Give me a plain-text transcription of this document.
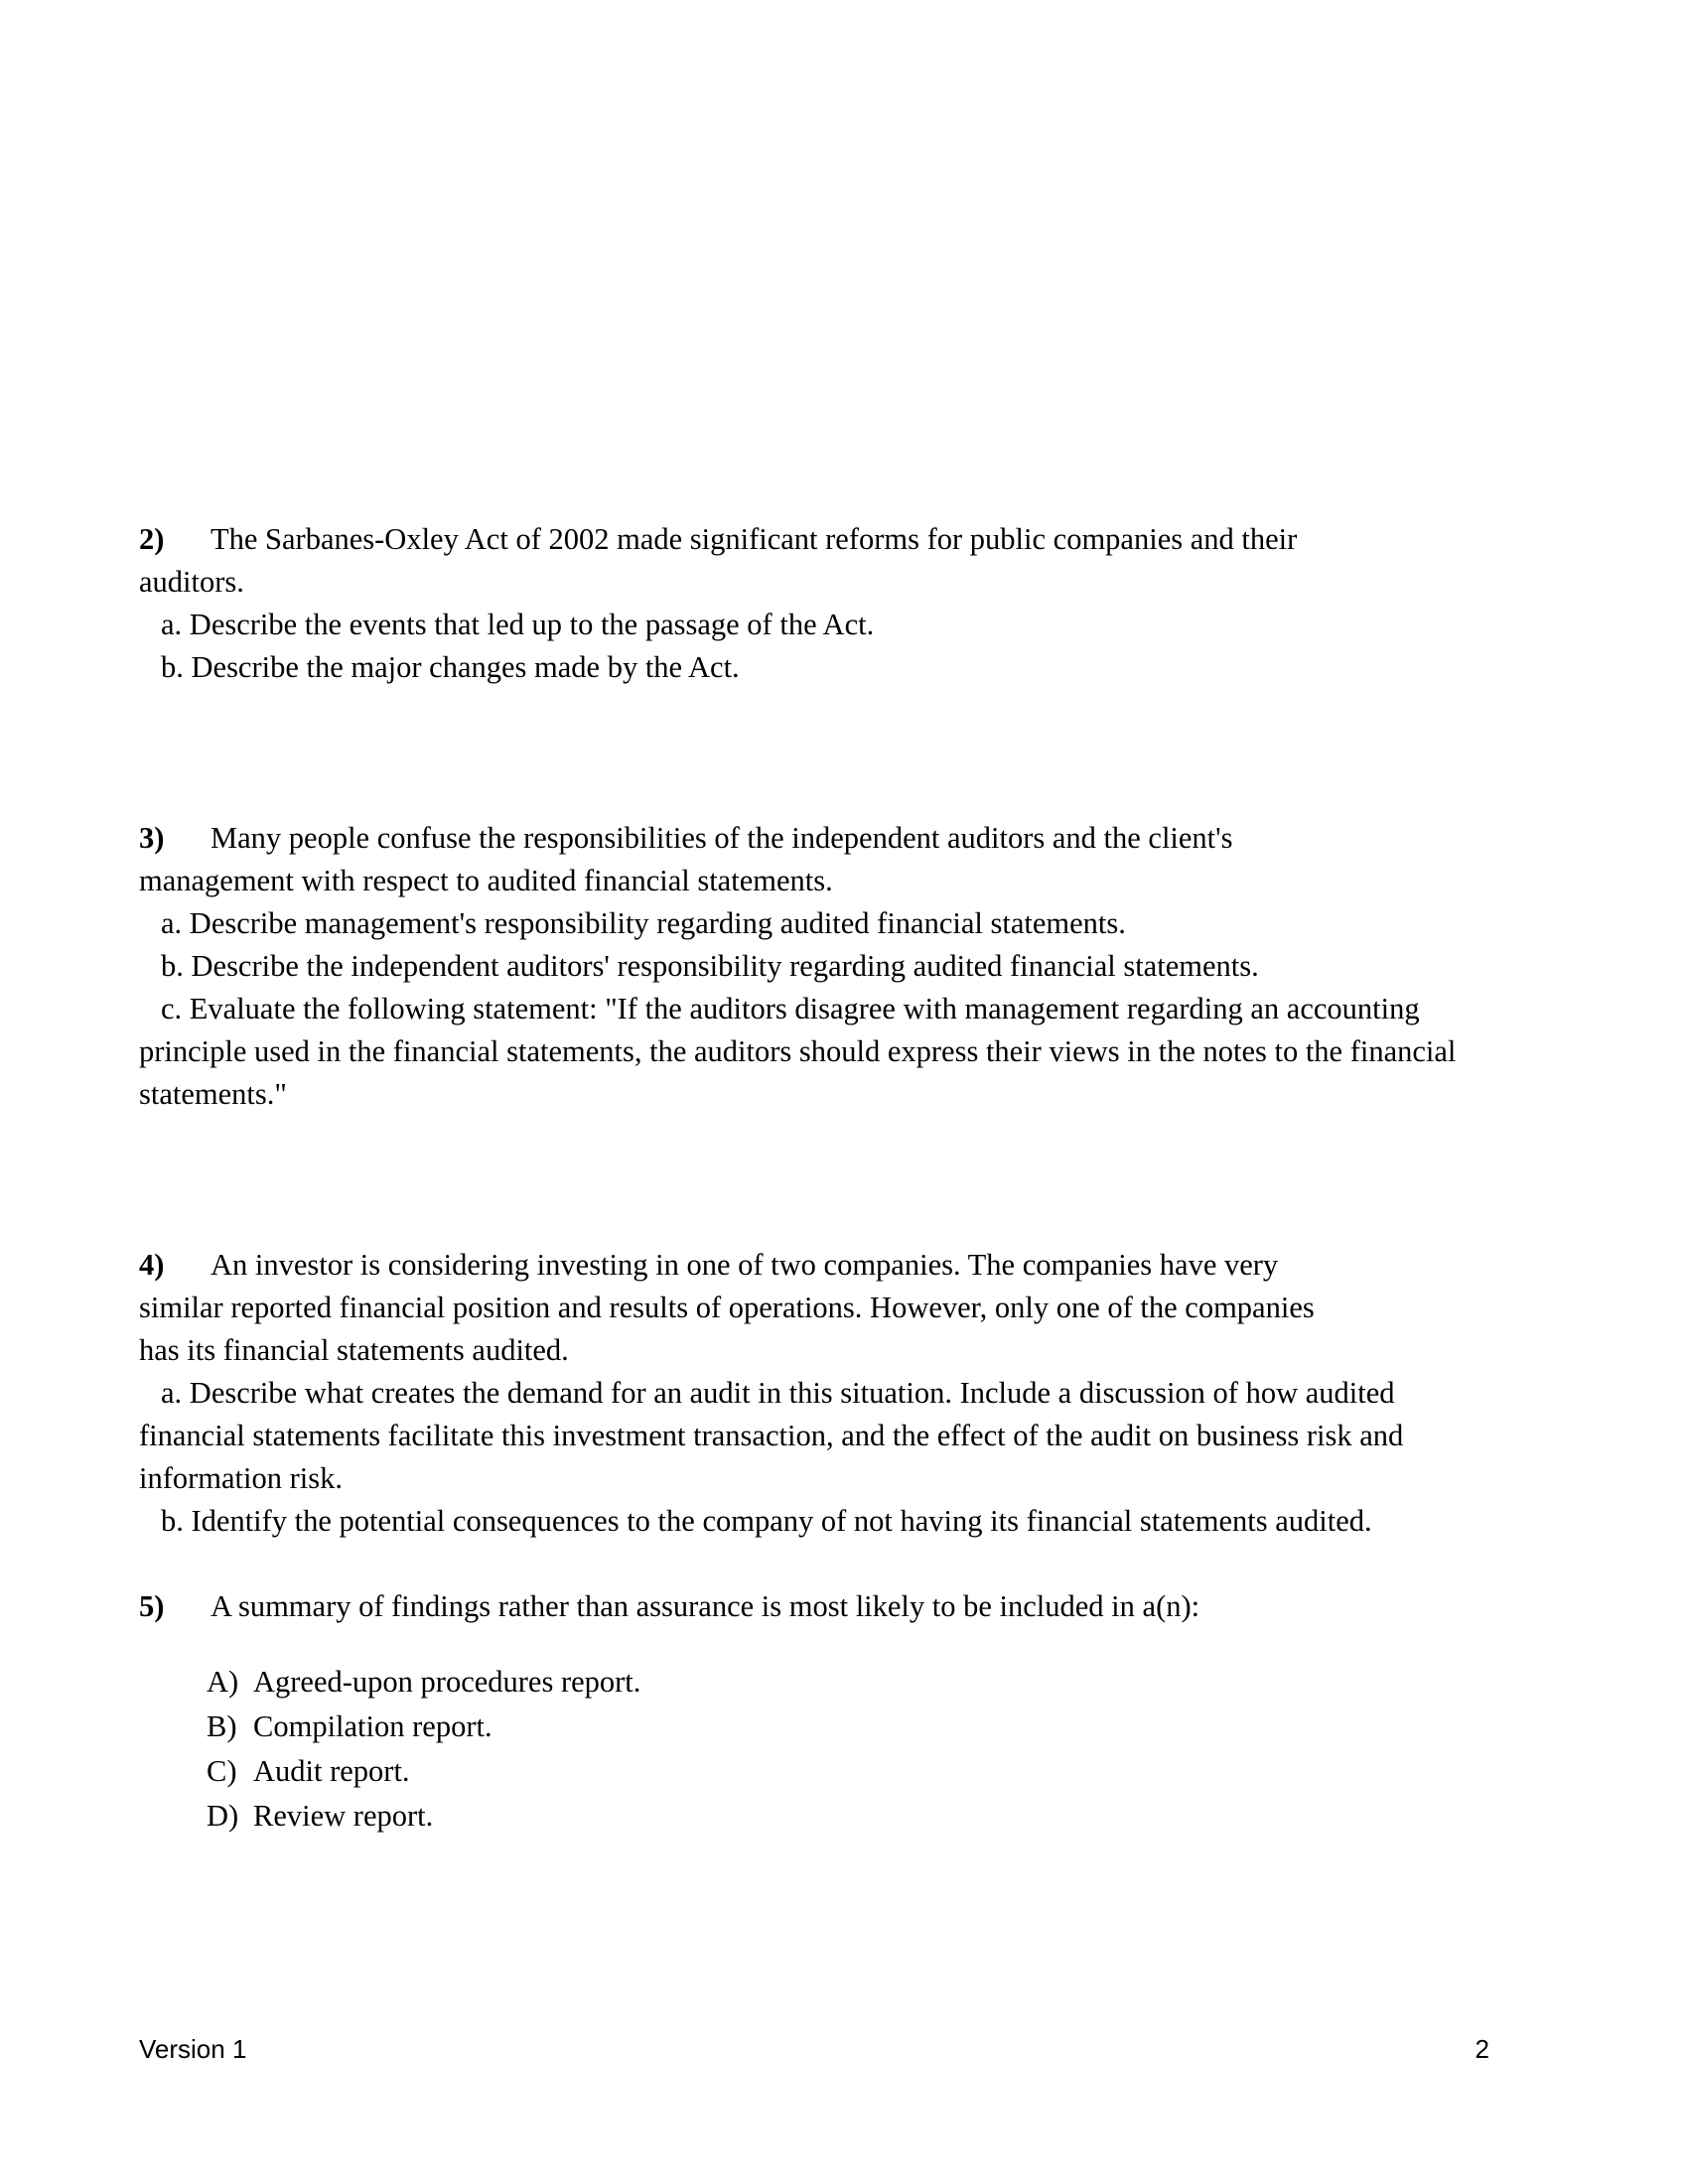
2) The Sarbanes-Oxley Act of 2002 made significant reforms for public companies and their

auditors.

a. Describe the events that led up to the passage of the Act.

b. Describe the major changes made by the Act.

3) Many people confuse the responsibilities of the independent auditors and the client's

management with respect to audited financial statements.

a. Describe management's responsibility regarding audited financial statements.

b. Describe the independent auditors' responsibility regarding audited financial statements.

c. Evaluate the following statement: "If the auditors disagree with management regarding an accounting principle used in the financial statements, the auditors should express their views in the notes to the financial statements."

4) An investor is considering investing in one of two companies. The companies have very

similar reported financial position and results of operations. However, only one of the companies

has its financial statements audited.

a. Describe what creates the demand for an audit in this situation. Include a discussion of how audited financial statements facilitate this investment transaction, and the effect of the audit on business risk and information risk.

b. Identify the potential consequences to the company of not having its financial statements audited.

5) A summary of findings rather than assurance is most likely to be included in a(n):

A) Agreed-upon procedures report.
B) Compilation report.
C) Audit report.
D) Review report.
Version 1	2
